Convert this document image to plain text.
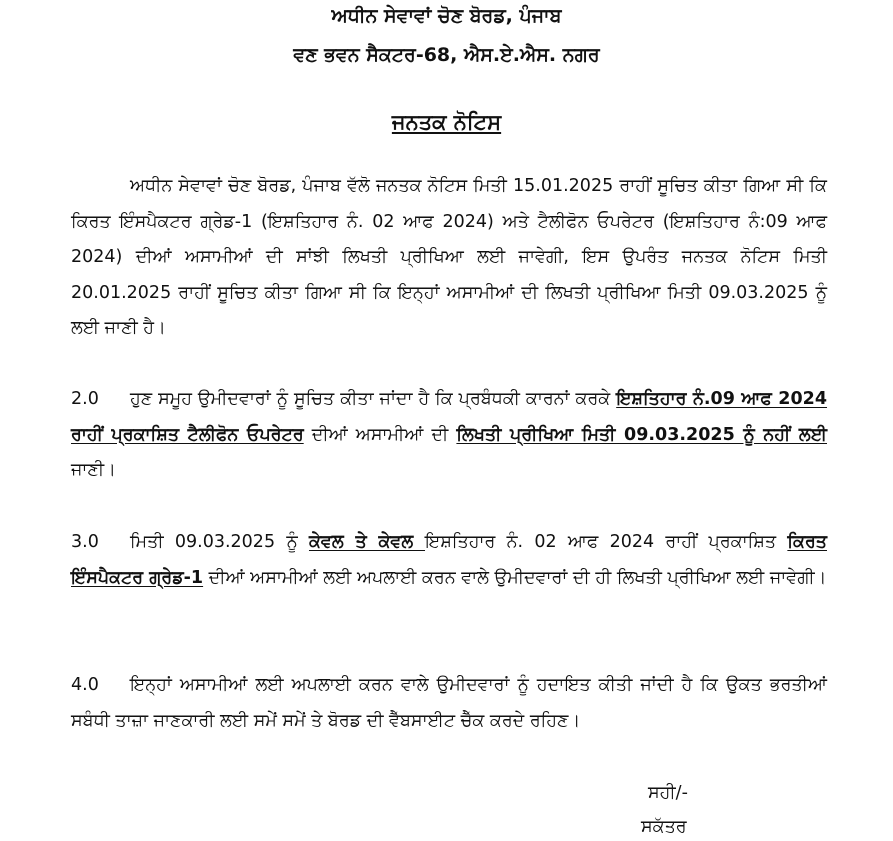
ਅਧੀਨ ਸੇਵਾਵਾਂ ਚੋਣ ਬੋਰਡ, ਪੰਜਾਬ
ਵਣ ਭਵਨ ਸੈਕਟਰ-68, ਐਸ.ਏ.ਐਸ. ਨਗਰ
ਜਨਤਕ ਨੋਟਿਸ

ਅਧੀਨ ਸੇਵਾਵਾਂ ਚੋਣ ਬੋਰਡ, ਪੰਜਾਬ ਵੱਲੋ ਜਨਤਕ ਨੋਟਿਸ ਮਿਤੀ 15.01.2025 ਰਾਹੀਂ ਸੂਚਿਤ ਕੀਤਾ ਗਿਆ ਸੀ ਕਿ ਕਿਰਤ ਇੰਸਪੈਕਟਰ ਗ੍ਰੇਡ-1 (ਇਸ਼ਤਿਹਾਰ ਨੰ. 02 ਆਫ 2024) ਅਤੇ ਟੈਲੀਫੋਨ ਓਪਰੇਟਰ (ਇਸ਼ਤਿਹਾਰ ਨੰ:09 ਆਫ 2024) ਦੀਆਂ ਅਸਾਮੀਆਂ ਦੀ ਸਾਂਝੀ ਲਿਖਤੀ ਪ੍ਰੀਖਿਆ ਲਈ ਜਾਵੇਗੀ, ਇਸ ਉਪਰੰਤ ਜਨਤਕ ਨੋਟਿਸ ਮਿਤੀ 20.01.2025 ਰਾਹੀਂ ਸੂਚਿਤ ਕੀਤਾ ਗਿਆ ਸੀ ਕਿ ਇਨ੍ਹਾਂ ਅਸਾਮੀਆਂ ਦੀ ਲਿਖਤੀ ਪ੍ਰੀਖਿਆ ਮਿਤੀ 09.03.2025 ਨੂੰ ਲਈ ਜਾਣੀ ਹੈ।

2.0 ਹੁਣ ਸਮੂਹ ਉਮੀਦਵਾਰਾਂ ਨੂੰ ਸੂਚਿਤ ਕੀਤਾ ਜਾਂਦਾ ਹੈ ਕਿ ਪ੍ਰਬੰਧਕੀ ਕਾਰਨਾਂ ਕਰਕੇ ਇਸ਼ਤਿਹਾਰ ਨੰ.09 ਆਫ 2024 ਰਾਹੀਂ ਪ੍ਰਕਾਸ਼ਿਤ ਟੈਲੀਫੋਨ ਓਪਰੇਟਰ ਦੀਆਂ ਅਸਾਮੀਆਂ ਦੀ ਲਿਖਤੀ ਪ੍ਰੀਖਿਆ ਮਿਤੀ 09.03.2025 ਨੂੰ ਨਹੀਂ ਲਈ ਜਾਣੀ।

3.0 ਮਿਤੀ 09.03.2025 ਨੂੰ ਕੇਵਲ ਤੇ ਕੇਵਲ ਇਸ਼ਤਿਹਾਰ ਨੰ. 02 ਆਫ 2024 ਰਾਹੀਂ ਪ੍ਰਕਾਸ਼ਿਤ ਕਿਰਤ ਇੰਸਪੈਕਟਰ ਗ੍ਰੇਡ-1 ਦੀਆਂ ਅਸਾਮੀਆਂ ਲਈ ਅਪਲਾਈ ਕਰਨ ਵਾਲੇ ਉਮੀਦਵਾਰਾਂ ਦੀ ਹੀ ਲਿਖਤੀ ਪ੍ਰੀਖਿਆ ਲਈ ਜਾਵੇਗੀ।

4.0 ਇਨ੍ਹਾਂ ਅਸਾਮੀਆਂ ਲਈ ਅਪਲਾਈ ਕਰਨ ਵਾਲੇ ਉਮੀਦਵਾਰਾਂ ਨੂੰ ਹਦਾਇਤ ਕੀਤੀ ਜਾਂਦੀ ਹੈ ਕਿ ਉਕਤ ਭਰਤੀਆਂ ਸਬੰਧੀ ਤਾਜ਼ਾ ਜਾਣਕਾਰੀ ਲਈ ਸਮੇਂ ਸਮੇਂ ਤੇ ਬੋਰਡ ਦੀ ਵੈੱਬਸਾਈਟ ਚੈੱਕ ਕਰਦੇ ਰਹਿਣ।

ਸਹੀ/-
ਸਕੱਤਰ
